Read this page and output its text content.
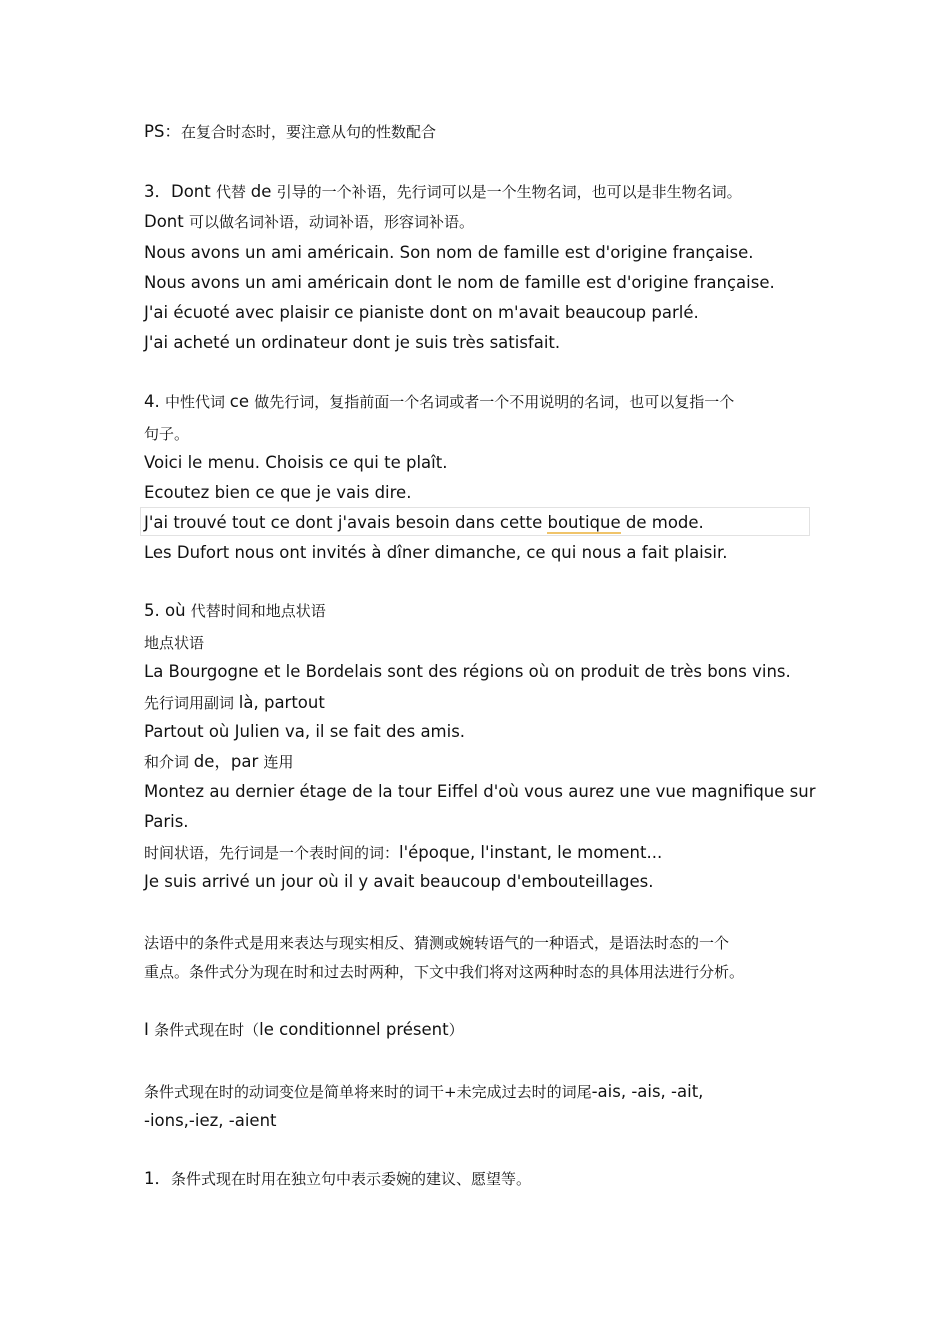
PS：在复合时态时，要注意从句的性数配合
3．Dont 代替 de 引导的一个补语，先行词可以是一个生物名词，也可以是非生物名词。
Dont 可以做名词补语，动词补语，形容词补语。
Nous avons un ami américain. Son nom de famille est d'origine française.
Nous avons un ami américain dont le nom de famille est d'origine française.
J'ai écuoté avec plaisir ce pianiste dont on m'avait beaucoup parlé.
J'ai acheté un ordinateur dont je suis très satisfait.
4. 中性代词 ce 做先行词，复指前面一个名词或者一个不用说明的名词，也可以复指一个
句子。
Voici le menu. Choisis ce qui te plaît.
Ecoutez bien ce que je vais dire.
J'ai trouvé tout ce dont j'avais besoin dans cette boutique de mode.
Les Dufort nous ont invités à dîner dimanche, ce qui nous a fait plaisir.
5. où 代替时间和地点状语
地点状语
La Bourgogne et le Bordelais sont des régions où on produit de très bons vins.
先行词用副词 là, partout
Partout où Julien va, il se fait des amis.
和介词 de，par 连用
Montez au dernier étage de la tour Eiffel d'où vous aurez une vue magnifique sur
Paris.
时间状语，先行词是一个表时间的词：l'époque, l'instant, le moment...
Je suis arrivé un jour où il y avait beaucoup d'embouteillages.
法语中的条件式是用来表达与现实相反、猜测或婉转语气的一种语式，是语法时态的一个
重点。条件式分为现在时和过去时两种，下文中我们将对这两种时态的具体用法进行分析。
I 条件式现在时（le conditionnel présent）
条件式现在时的动词变位是简单将来时的词干+未完成过去时的词尾-ais, -ais, -ait,
-ions,-iez, -aient
1．条件式现在时用在独立句中表示委婉的建议、愿望等。
